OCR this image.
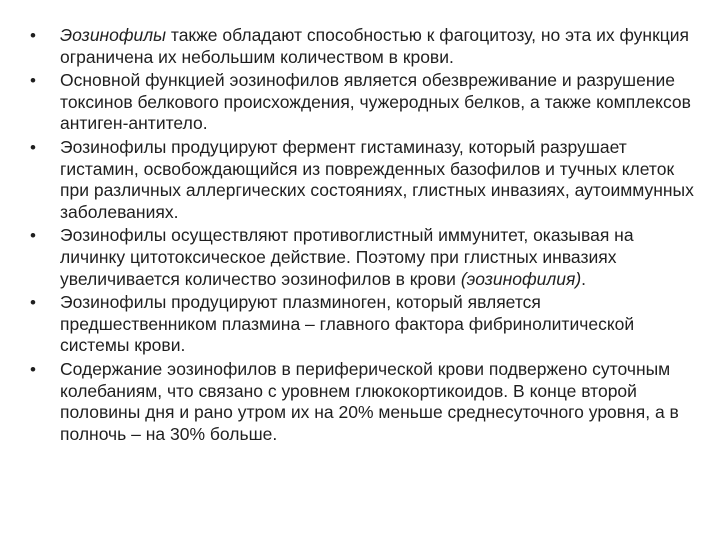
•	Эозинофилы также обладают способностью к фагоцитозу, но эта их функция ограничена их небольшим количеством в крови.
•	Основной функцией эозинофилов является обезвреживание и разрушение токсинов белкового происхождения, чужеродных белков, а также комплексов антиген-антитело.
•	Эозинофилы продуцируют фермент гистаминазу, который разрушает гистамин, освобождающийся из поврежденных базофилов и тучных клеток при различных аллергических состояниях, глистных инвазиях, аутоиммунных заболеваниях.
•	Эозинофилы осуществляют противоглистный иммунитет, оказывая на личинку цитотоксическое действие. Поэтому при глистных инвазиях увеличивается количество эозинофилов в крови (эозинофилия).
•	Эозинофилы продуцируют плазминоген, который является предшественником плазмина – главного фактора фибринолитической системы крови.
•	Содержание эозинофилов в периферической крови подвержено суточным колебаниям, что связано с уровнем глюкокортикоидов. В конце второй половины дня и рано утром их на 20% меньше среднесуточного уровня, а в полночь – на 30% больше.
